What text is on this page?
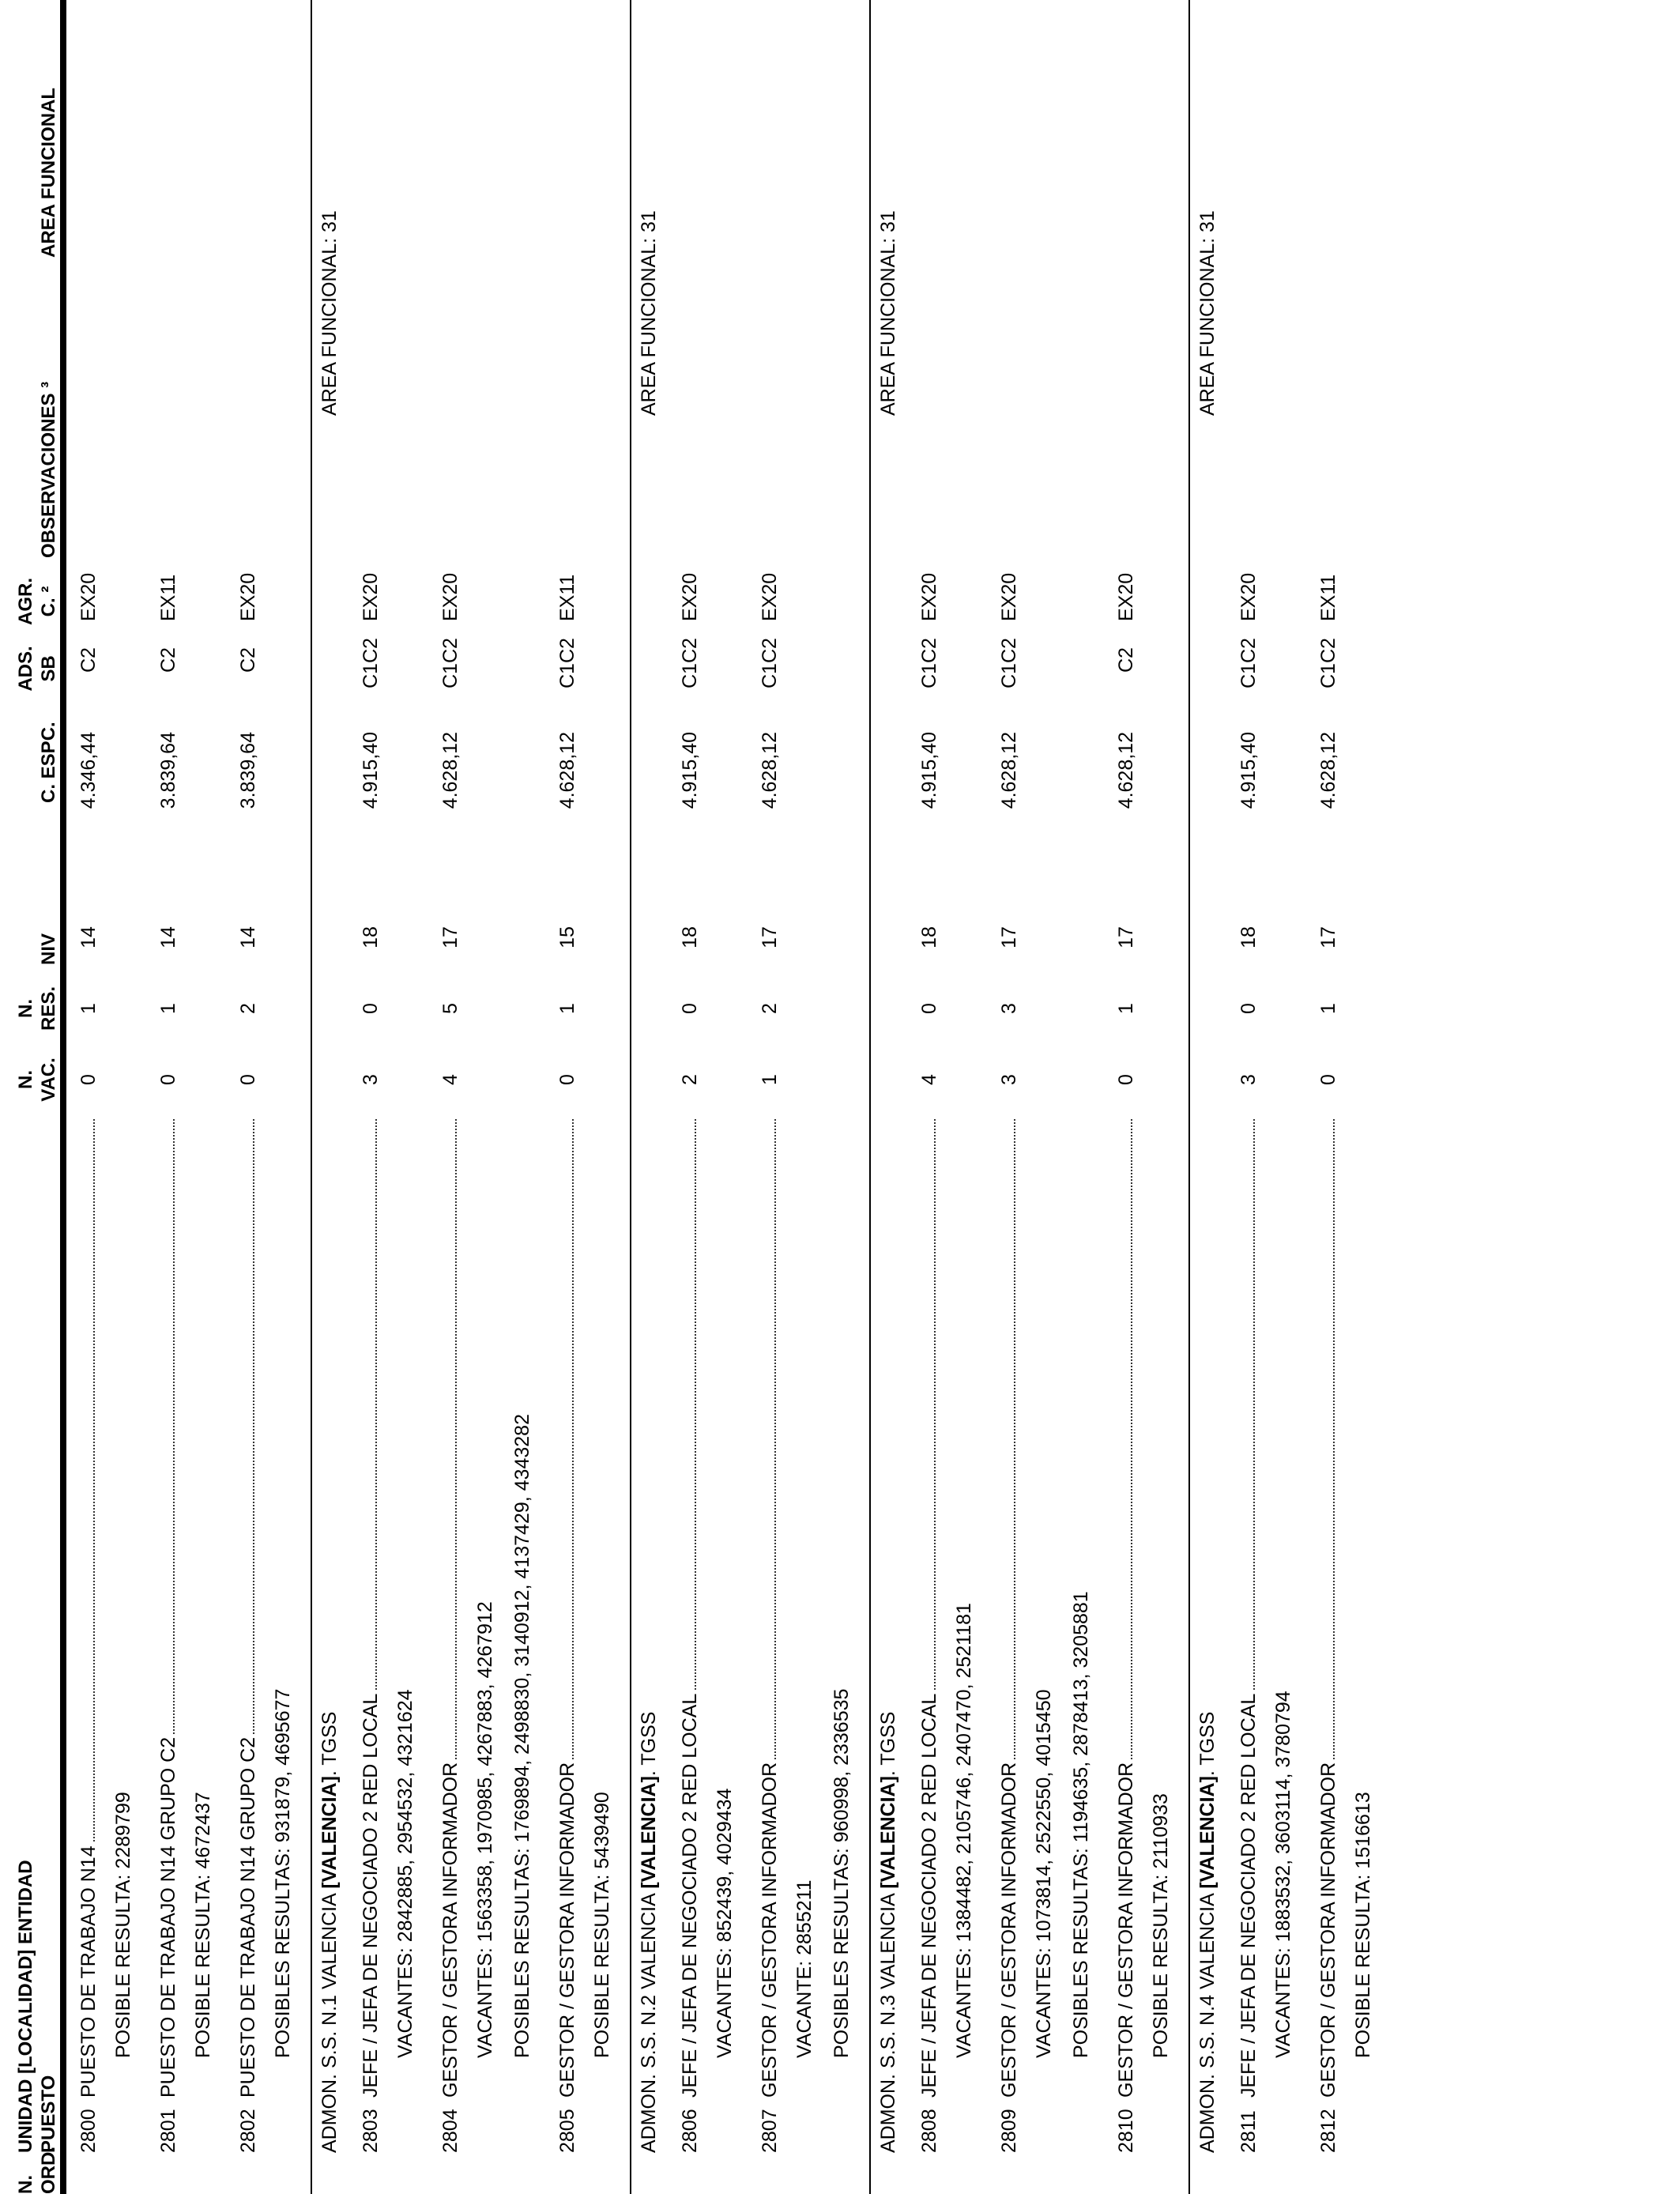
N. ORD.
UNIDAD [LOCALIDAD] ENTIDAD PUESTO
N. VAC.
N. RES.
NIV
C. ESPC.
ADS. SB
AGR. C. ²
OBSERVACIONES ³
AREA FUNCIONAL
2800
PUESTO DE TRABAJO N14
0
1
14
4.346,44
C2
EX20
POSIBLE RESULTA: 2289799
2801
PUESTO DE TRABAJO N14 GRUPO C2
0
1
14
3.839,64
C2
EX11
POSIBLE RESULTA: 4672437
2802
PUESTO DE TRABAJO N14 GRUPO C2
0
2
14
3.839,64
C2
EX20
POSIBLES RESULTAS: 931879, 4695677 ADMON. S.S. N.1 VALENCIA [VALENCIA]. TGSS
AREA FUNCIONAL: 31
2803
JEFE / JEFA DE NEGOCIADO 2 RED LOCAL
3
0
18
4.915,40
C1C2
EX20
VACANTES: 2842885, 2954532, 4321624
2804
GESTOR / GESTORA INFORMADOR
4
5
17
4.628,12
C1C2
EX20
VACANTES: 1563358, 1970985, 4267883, 4267912 POSIBLES RESULTAS: 1769894, 2498830, 3140912, 4137429, 4343282
2805
GESTOR / GESTORA INFORMADOR
0
1
15
4.628,12
C1C2
EX11
POSIBLE RESULTA: 5439490 ADMON. S.S. N.2 VALENCIA [VALENCIA]. TGSS
AREA FUNCIONAL: 31
2806
JEFE / JEFA DE NEGOCIADO 2 RED LOCAL
2
0
18
4.915,40
C1C2
EX20
VACANTES: 852439, 4029434
2807
GESTOR / GESTORA INFORMADOR
1
2
17
4.628,12
C1C2
EX20
VACANTE: 2855211 POSIBLES RESULTAS: 960998, 2336535 ADMON. S.S. N.3 VALENCIA [VALENCIA]. TGSS
AREA FUNCIONAL: 31
2808
JEFE / JEFA DE NEGOCIADO 2 RED LOCAL
4
0
18
4.915,40
C1C2
EX20
VACANTES: 1384482, 2105746, 2407470, 2521181
2809
GESTOR / GESTORA INFORMADOR
3
3
17
4.628,12
C1C2
EX20
VACANTES: 1073814, 2522550, 4015450 POSIBLES RESULTAS: 1194635, 2878413, 3205881
2810
GESTOR / GESTORA INFORMADOR
0
1
17
4.628,12
C2
EX20
POSIBLE RESULTA: 2110933 ADMON. S.S. N.4 VALENCIA [VALENCIA]. TGSS
AREA FUNCIONAL: 31
2811
JEFE / JEFA DE NEGOCIADO 2 RED LOCAL
3
0
18
4.915,40
C1C2
EX20
VACANTES: 1883532, 3603114, 3780794
2812
GESTOR / GESTORA INFORMADOR
0
1
17
4.628,12
C1C2
EX11
POSIBLE RESULTA: 1516613
